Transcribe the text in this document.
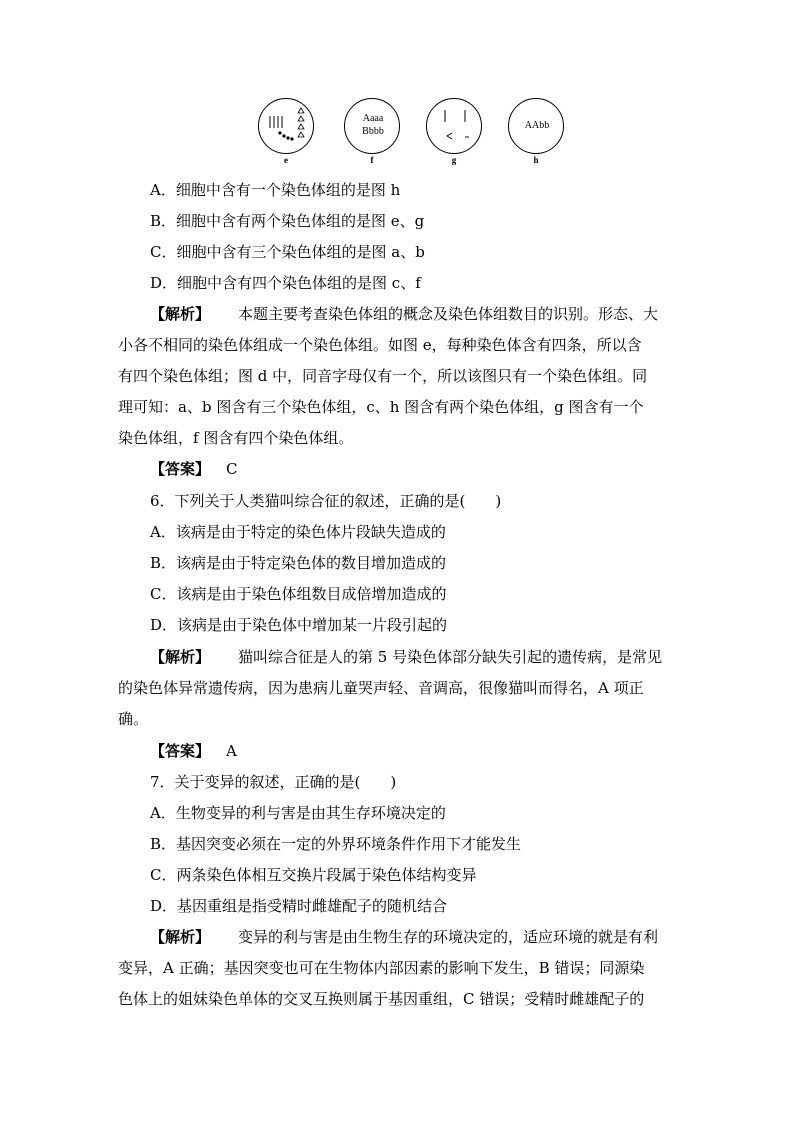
e
Aaaa
Bbbb
f	g
AAbb
h
A．细胞中含有一个染色体组的是图 h
B．细胞中含有两个染色体组的是图 e、g
C．细胞中含有三个染色体组的是图 a、b
D．细胞中含有四个染色体组的是图 c、f
【解析】 本题主要考查染色体组的概念及染色体组数目的识别。形态、大
小各不相同的染色体组成一个染色体组。如图 e，每种染色体含有四条，所以含
有四个染色体组；图 d 中，同音字母仅有一个，所以该图只有一个染色体组。同
理可知：a、b 图含有三个染色体组，c、h 图含有两个染色体组，g 图含有一个
染色体组，f 图含有四个染色体组。
【答案】 C
6．下列关于人类猫叫综合征的叙述，正确的是(　　)
A．该病是由于特定的染色体片段缺失造成的
B．该病是由于特定染色体的数目增加造成的
C．该病是由于染色体组数目成倍增加造成的
D．该病是由于染色体中增加某一片段引起的
【解析】 猫叫综合征是人的第 5 号染色体部分缺失引起的遗传病，是常见
的染色体异常遗传病，因为患病儿童哭声轻、音调高，很像猫叫而得名，A 项正
确。
【答案】 A
7．关于变异的叙述，正确的是(　　)
A．生物变异的利与害是由其生存环境决定的
B．基因突变必须在一定的外界环境条件作用下才能发生
C．两条染色体相互交换片段属于染色体结构变异
D．基因重组是指受精时雌雄配子的随机结合
【解析】 变异的利与害是由生物生存的环境决定的，适应环境的就是有利
变异，A 正确；基因突变也可在生物体内部因素的影响下发生，B 错误；同源染
色体上的姐妹染色单体的交叉互换则属于基因重组，C 错误；受精时雌雄配子的
